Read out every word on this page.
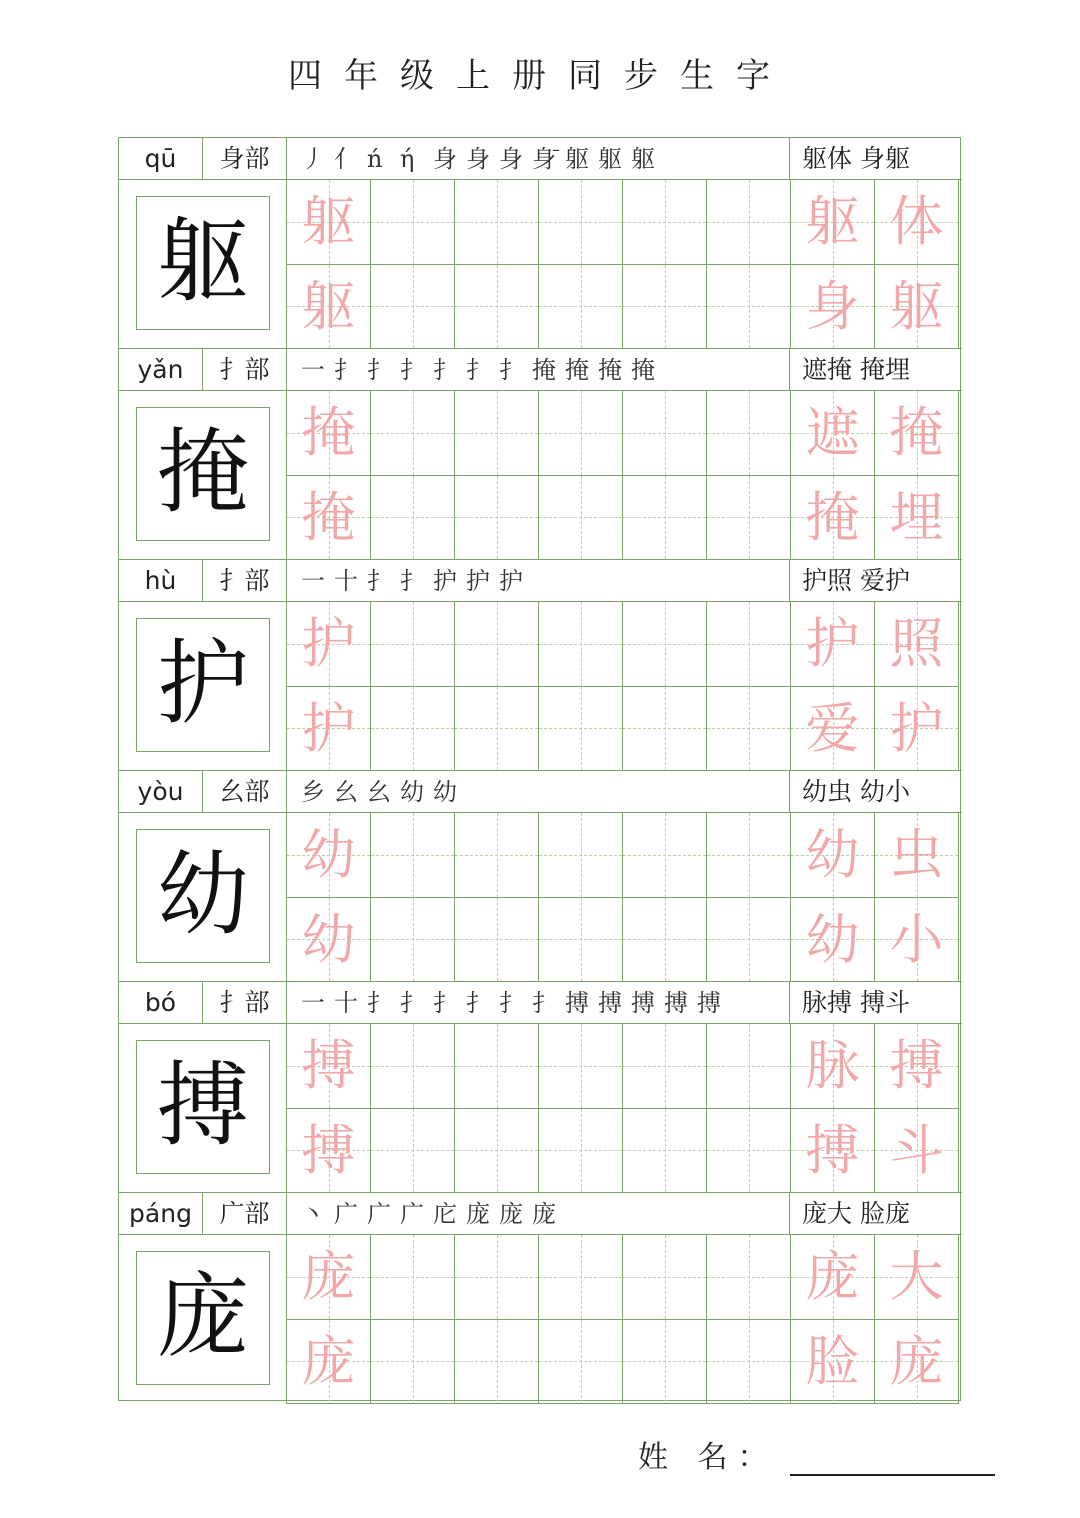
四年级上册同步生字
qū	身部	丿 亻 ń ή 身 身 身 身̄ 躯 躯 躯	躯体 身躯
躯 躯	躯 体
躯	身 躯
yǎn	扌部	一 扌 扌 扌 扌 扌 扌 掩 掩 掩 掩	遮掩 掩埋
掩 掩	遮 掩
掩	掩 埋
hù	扌部	一 十 扌 扌 护 护 护	护照 爱护
护 护	护 照
护	爱 护
yòu	幺部	乡 幺 幺 幼 幼	幼虫 幼小
幼 幼	幼 虫
幼	幼 小
bó	扌部	一 十 扌 扌 扌 扌 扌 扌 搏 搏 搏 搏 搏	脉搏 搏斗
搏 搏	脉 搏
搏	搏 斗
páng	广部	丶 广 广 广 庀 庞 庞 庞	庞大 脸庞
庞 庞	庞 大
庞	脸 庞
姓 名：
